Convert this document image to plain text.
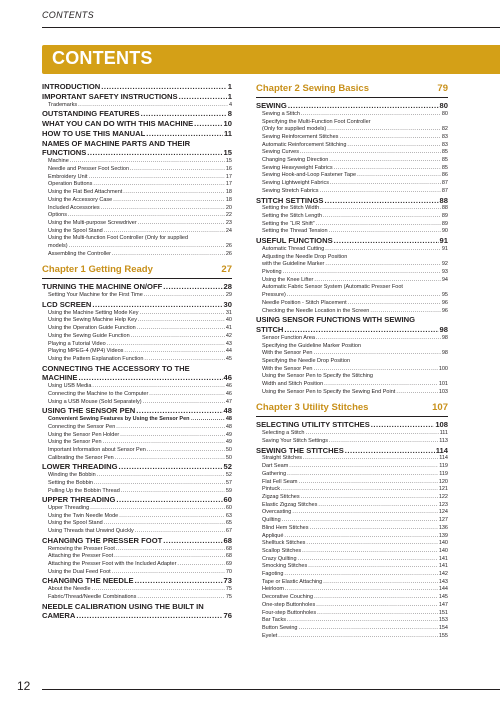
CONTENTS
CONTENTS
INTRODUCTION .....	1
IMPORTANT SAFETY INSTRUCTIONS .....	1
Trademarks .....	4
OUTSTANDING FEATURES .....	8
WHAT YOU CAN DO WITH THIS MACHINE .....	10
HOW TO USE THIS MANUAL .....	11
NAMES OF MACHINE PARTS AND THEIR
FUNCTIONS .....	15
Machine .....	15
Needle and Presser Foot Section .....	16
Embroidery Unit .....	17
Operation Buttons .....	17
Using the Flat Bed Attachment .....	18
Using the Accessory Case .....	18
Included Accessories .....	20
Options .....	22
Using the Multi-purpose Screwdriver .....	23
Using the Spool Stand .....	24
Using the Multi-function Foot Controller (Only for supplied
models) .....	26
Assembling the Controller .....	26
Chapter 1 Getting Ready	27
TURNING THE MACHINE ON/OFF .....	28
Setting Your Machine for the First Time .....	29
LCD SCREEN .....	30
Using the Machine Setting Mode Key .....	31
Using the Sewing Machine Help Key .....	40
Using the Operation Guide Function .....	41
Using the Sewing Guide Function .....	42
Playing a Tutorial Video .....	43
Playing MPEG-4 (MP4) Videos .....	44
Using the Pattern Explanation Function .....	45
CONNECTING THE ACCESSORY TO THE
MACHINE .....	46
Using USB Media .....	46
Connecting the Machine to the Computer .....	46
Using a USB Mouse (Sold Separately) .....	47
USING THE SENSOR PEN .....	48
Convenient Sewing Features by Using the Sensor Pen .....	48
Connecting the Sensor Pen .....	48
Using the Sensor Pen Holder .....	49
Using the Sensor Pen .....	49
Important Information about Sensor Pen .....	50
Calibrating the Sensor Pen .....	50
LOWER THREADING .....	52
Winding the Bobbin .....	52
Setting the Bobbin .....	57
Pulling Up the Bobbin Thread .....	59
UPPER THREADING .....	60
Upper Threading .....	60
Using the Twin Needle Mode .....	63
Using the Spool Stand .....	65
Using Threads that Unwind Quickly .....	67
CHANGING THE PRESSER FOOT .....	68
Removing the Presser Foot .....	68
Attaching the Presser Foot .....	68
Attaching the Presser Foot with the Included Adapter .....	69
Using the Dual Feed Foot .....	70
CHANGING THE NEEDLE .....	73
About the Needle .....	75
Fabric/Thread/Needle Combinations .....	75
NEEDLE CALIBRATION USING THE BUILT IN
CAMERA .....	76
Chapter 2 Sewing Basics	79
SEWING .....	80
Sewing a Stitch .....	80
Specifying the Multi-Function Foot Controller
(Only for supplied models) .....	82
Sewing Reinforcement Stitches .....	83
Automatic Reinforcement Stitching .....	83
Sewing Curves .....	85
Changing Sewing Direction .....	85
Sewing Heavyweight Fabrics .....	85
Sewing Hook-and-Loop Fastener Tape .....	86
Sewing Lightweight Fabrics .....	87
Sewing Stretch Fabrics .....	87
STITCH SETTINGS .....	88
Setting the Stitch Width .....	88
Setting the Stitch Length .....	89
Setting the “L/R Shift” .....	89
Setting the Thread Tension .....	90
USEFUL FUNCTIONS .....	91
Automatic Thread Cutting .....	91
Adjusting the Needle Drop Position
with the Guideline Marker .....	92
Pivoting .....	93
Using the Knee Lifter .....	94
Automatic Fabric Sensor System (Automatic Presser Foot
Pressure) .....	95
Needle Position - Stitch Placement .....	96
Checking the Needle Location in the Screen .....	96
USING SENSOR FUNCTIONS WITH SEWING
STITCH .....	98
Sensor Function Area .....	98
Specifying the Guideline Marker Position
With the Sensor Pen .....	98
Specifying the Needle Drop Position
With the Sensor Pen .....	100
Using the Sensor Pen to Specify the Stitching
Width and Stitch Position .....	101
Using the Sensor Pen to Specify the Sewing End Point .....	103
Chapter 3 Utility Stitches	107
SELECTING UTILITY STITCHES .....	108
Selecting a Stitch .....	111
Saving Your Stitch Settings .....	113
SEWING THE STITCHES .....	114
Straight Stitches .....	114
Dart Seam .....	119
Gathering .....	119
Flat Fell Seam .....	120
Pintuck .....	121
Zigzag Stitches .....	122
Elastic Zigzag Stitches .....	123
Overcasting .....	124
Quilting .....	127
Blind Hem Stitches .....	136
Appliqué .....	139
Shelltuck Stitches .....	140
Scallop Stitches .....	140
Crazy Quilting .....	141
Smocking Stitches .....	141
Fagoting .....	142
Tape or Elastic Attaching .....	143
Heirloom .....	144
Decorative Couching .....	145
One-step Buttonholes .....	147
Four-step Buttonholes .....	151
Bar Tacks .....	153
Button Sewing .....	154
Eyelet .....	155
12
